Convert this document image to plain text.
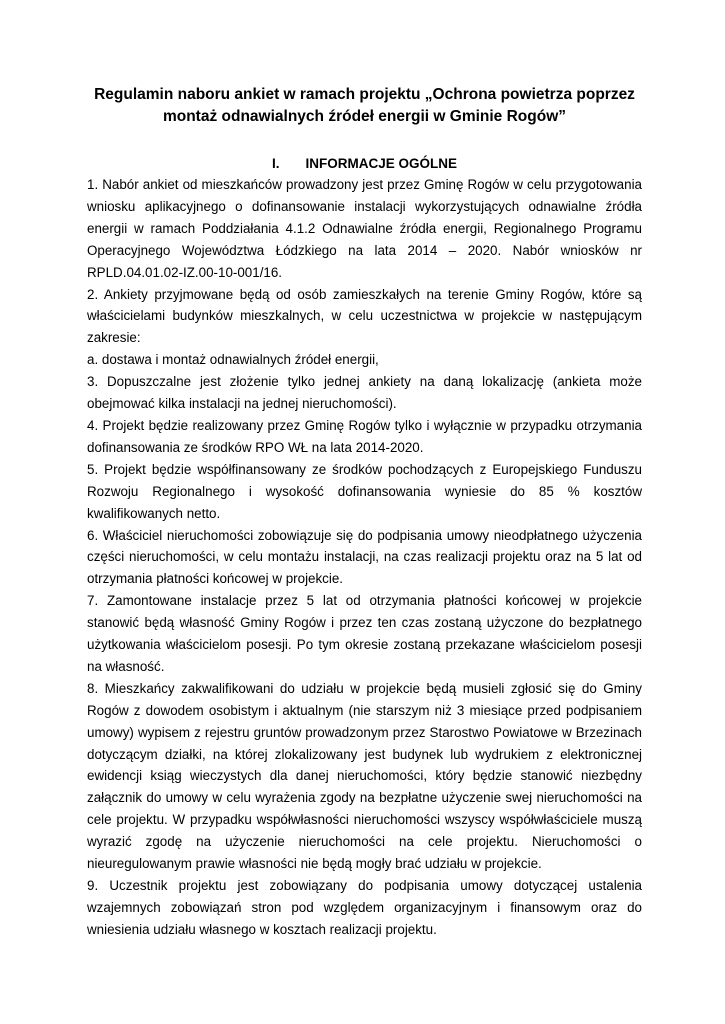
Regulamin naboru ankiet w ramach projektu „Ochrona powietrza poprzez
montaż odnawialnych źródeł energii w Gminie Rogów”
I. INFORMACJE OGÓLNE

1. Nabór ankiet od mieszkańców prowadzony jest przez Gminę Rogów w celu przygotowania wniosku aplikacyjnego o dofinansowanie instalacji wykorzystujących odnawialne źródła energii w ramach Poddziałania 4.1.2 Odnawialne źródła energii, Regionalnego Programu Operacyjnego Województwa Łódzkiego na lata 2014 – 2020. Nabór wniosków nr RPLD.04.01.02-IZ.00-10-001/16.

2. Ankiety przyjmowane będą od osób zamieszkałych na terenie Gminy Rogów, które są właścicielami budynków mieszkalnych, w celu uczestnictwa w projekcie w następującym zakresie:

a. dostawa i montaż odnawialnych źródeł energii,

3. Dopuszczalne jest złożenie tylko jednej ankiety na daną lokalizację (ankieta może obejmować kilka instalacji na jednej nieruchomości).

4. Projekt będzie realizowany przez Gminę Rogów tylko i wyłącznie w przypadku otrzymania dofinansowania ze środków RPO WŁ na lata 2014-2020.

5. Projekt będzie współfinansowany ze środków pochodzących z Europejskiego Funduszu Rozwoju Regionalnego i wysokość dofinansowania wyniesie do 85 % kosztów kwalifikowanych netto.

6. Właściciel nieruchomości zobowiązuje się do podpisania umowy nieodpłatnego użyczenia części nieruchomości, w celu montażu instalacji, na czas realizacji projektu oraz na 5 lat od otrzymania płatności końcowej w projekcie.

7. Zamontowane instalacje przez 5 lat od otrzymania płatności końcowej w projekcie stanowić będą własność Gminy Rogów i przez ten czas zostaną użyczone do bezpłatnego użytkowania właścicielom posesji. Po tym okresie zostaną przekazane właścicielom posesji na własność.

8. Mieszkańcy zakwalifikowani do udziału w projekcie będą musieli zgłosić się do Gminy Rogów z dowodem osobistym i aktualnym (nie starszym niż 3 miesiące przed podpisaniem umowy) wypisem z rejestru gruntów prowadzonym przez Starostwo Powiatowe w Brzezinach dotyczącym działki, na której zlokalizowany jest budynek lub wydrukiem z elektronicznej ewidencji ksiąg wieczystych dla danej nieruchomości, który będzie stanowić niezbędny załącznik do umowy w celu wyrażenia zgody na bezpłatne użyczenie swej nieruchomości na cele projektu. W przypadku współwłasności nieruchomości wszyscy współwłaściciele muszą wyrazić zgodę na użyczenie nieruchomości na cele projektu. Nieruchomości o nieuregulowanym prawie własności nie będą mogły brać udziału w projekcie.

9. Uczestnik projektu jest zobowiązany do podpisania umowy dotyczącej ustalenia wzajemnych zobowiązań stron pod względem organizacyjnym i finansowym oraz do wniesienia udziału własnego w kosztach realizacji projektu.
